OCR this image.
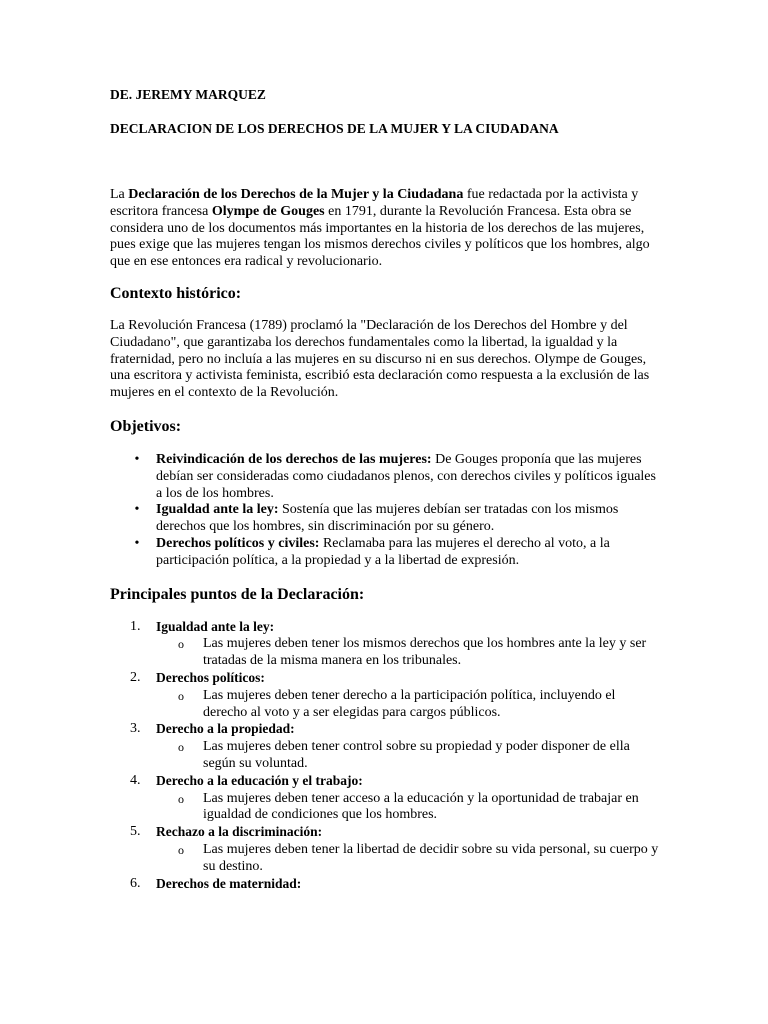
DE. JEREMY MARQUEZ
DECLARACION DE LOS DERECHOS DE LA MUJER Y LA CIUDADANA

La Declaración de los Derechos de la Mujer y la Ciudadana fue redactada por la activista y escritora francesa Olympe de Gouges en 1791, durante la Revolución Francesa. Esta obra se considera uno de los documentos más importantes en la historia de los derechos de las mujeres, pues exige que las mujeres tengan los mismos derechos civiles y políticos que los hombres, algo que en ese entonces era radical y revolucionario.

Contexto histórico:

La Revolución Francesa (1789) proclamó la "Declaración de los Derechos del Hombre y del Ciudadano", que garantizaba los derechos fundamentales como la libertad, la igualdad y la fraternidad, pero no incluía a las mujeres en su discurso ni en sus derechos. Olympe de Gouges, una escritora y activista feminista, escribió esta declaración como respuesta a la exclusión de las mujeres en el contexto de la Revolución.

Objetivos:
• Reivindicación de los derechos de las mujeres: De Gouges proponía que las mujeres debían ser consideradas como ciudadanos plenos, con derechos civiles y políticos iguales a los de los hombres.
• Igualdad ante la ley: Sostenía que las mujeres debían ser tratadas con los mismos derechos que los hombres, sin discriminación por su género.
• Derechos políticos y civiles: Reclamaba para las mujeres el derecho al voto, a la participación política, a la propiedad y a la libertad de expresión.
Principales puntos de la Declaración:
1.	Igualdad ante la ley:
o Las mujeres deben tener los mismos derechos que los hombres ante la ley y ser tratadas de la misma manera en los tribunales.
2.	Derechos políticos:
o Las mujeres deben tener derecho a la participación política, incluyendo el derecho al voto y a ser elegidas para cargos públicos.
3.	Derecho a la propiedad:
o Las mujeres deben tener control sobre su propiedad y poder disponer de ella según su voluntad.
4.	Derecho a la educación y el trabajo:
o Las mujeres deben tener acceso a la educación y la oportunidad de trabajar en igualdad de condiciones que los hombres.
5.	Rechazo a la discriminación:
o Las mujeres deben tener la libertad de decidir sobre su vida personal, su cuerpo y su destino.
6.	Derechos de maternidad:
